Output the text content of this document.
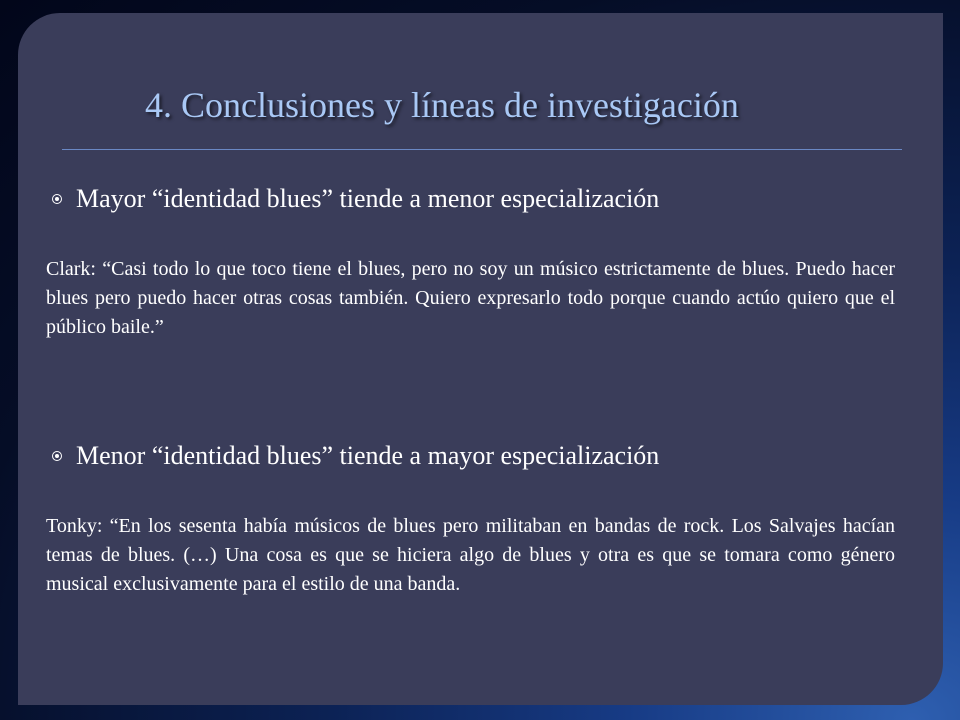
4. Conclusiones y líneas de investigación
Mayor “identidad blues” tiende a menor especialización

Clark: “Casi todo lo que toco tiene el blues, pero no soy un músico estrictamente de blues. Puedo hacer blues pero puedo hacer otras cosas también. Quiero expresarlo todo porque cuando actúo quiero que el público baile.”

Menor “identidad blues” tiende a mayor especialización

Tonky: “En los sesenta había músicos de blues pero militaban en bandas de rock. Los Salvajes hacían temas de blues. (…) Una cosa es que se hiciera algo de blues y otra es que se tomara como género musical exclusivamente para el estilo de una banda.
